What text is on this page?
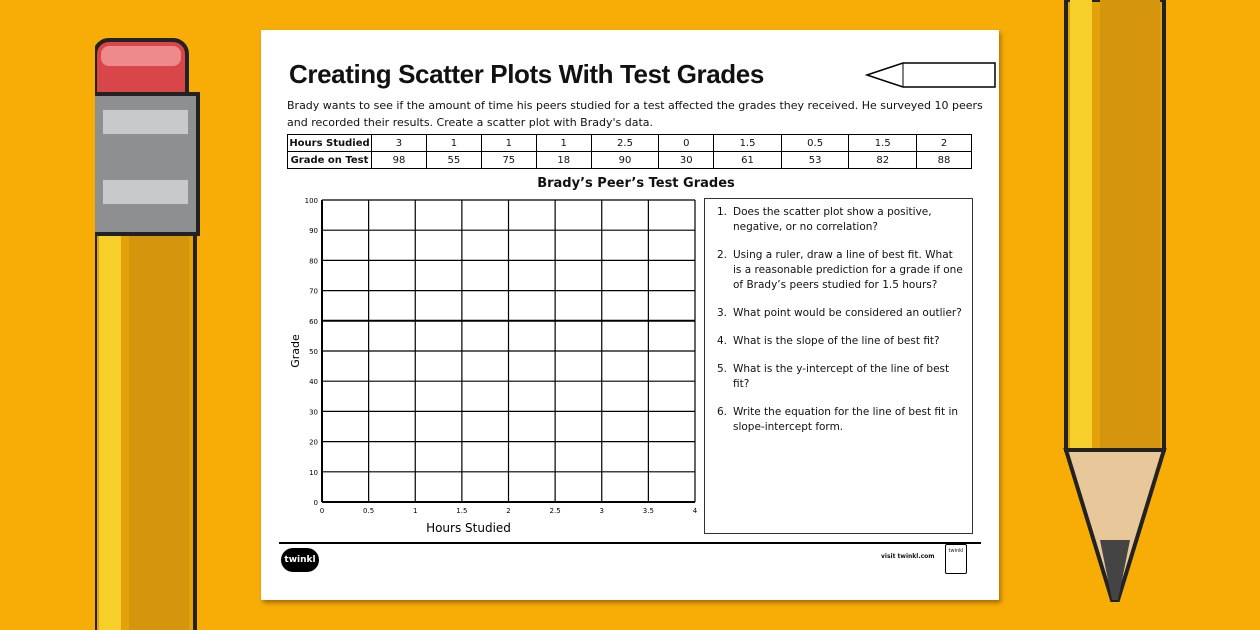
Creating Scatter Plots With Test Grades
Brady wants to see if the amount of time his peers studied for a test affected the grades they received. He surveyed 10 peers and recorded their results. Create a scatter plot with Brady's data.
Hours Studied	3	1	1	1	2.5	0	1.5	0.5	1.5	2
Grade on Test	98	55	75	18	90	30	61	53	82	88
Brady’s Peer’s Test Grades
0	0.5	1	1.5	2	2.5	3	3.5	4
0
10
20
30
40
50
60
70
80
90
100
Hours Studied
Grade
1. Does the scatter plot show a positive, negative, or no correlation?
2. Using a ruler, draw a line of best fit. What is a reasonable prediction for a grade if one of Brady’s peers studied for 1.5 hours?
3. What point would be considered an outlier?
4. What is the slope of the line of best fit?
5. What is the y-intercept of the line of best fit?
6. Write the equation for the line of best fit in slope-intercept form.
twinkl	visit twinkl.com
twinkl
